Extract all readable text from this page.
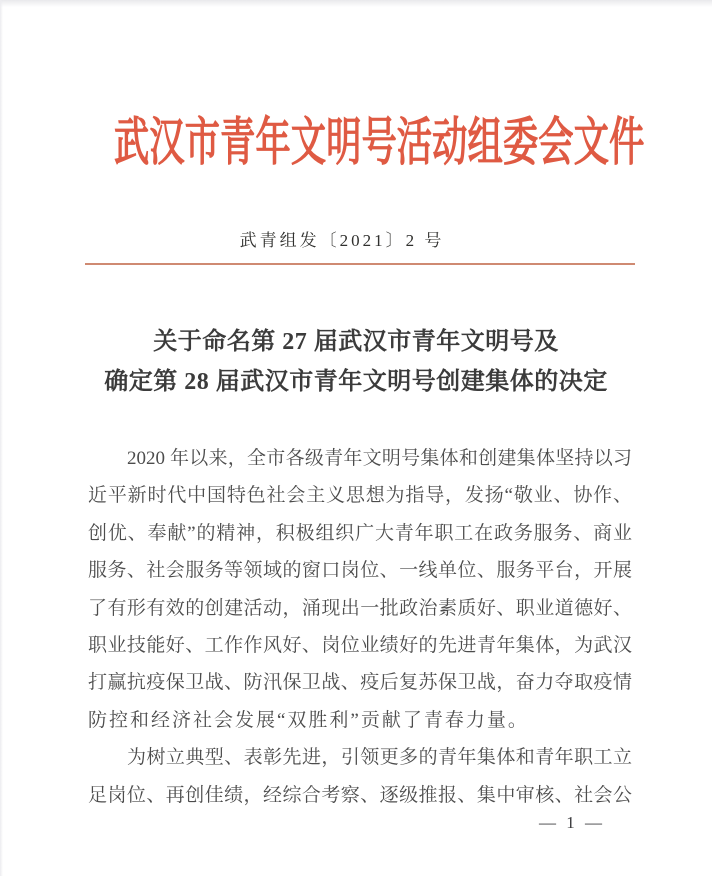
武汉市青年文明号活动组委会文件
武青组发〔2021〕2 号
关于命名第 27 届武汉市青年文明号及
确定第 28 届武汉市青年文明号创建集体的决定
2020 年以来，全市各级青年文明号集体和创建集体坚持以习
近平新时代中国特色社会主义思想为指导，发扬“敬业、协作、
创优、奉献”的精神，积极组织广大青年职工在政务服务、商业
服务、社会服务等领域的窗口岗位、一线单位、服务平台，开展
了有形有效的创建活动，涌现出一批政治素质好、职业道德好、
职业技能好、工作作风好、岗位业绩好的先进青年集体，为武汉
打赢抗疫保卫战、防汛保卫战、疫后复苏保卫战，奋力夺取疫情
防控和经济社会发展“双胜利”贡献了青春力量。
为树立典型、表彰先进，引领更多的青年集体和青年职工立
足岗位、再创佳绩，经综合考察、逐级推报、集中审核、社会公
— 1 —
